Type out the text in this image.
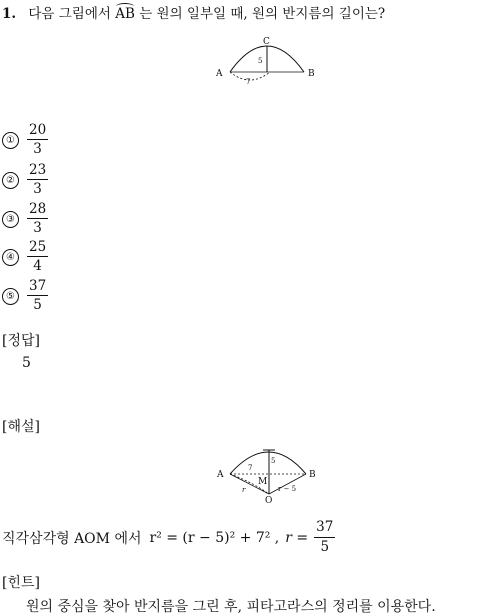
1. 다음 그림에서 AB 는 원의 일부일 때, 원의 반지름의 길이는?
A	B
C
5
7
① $\frac{20}{3}$
② $\frac{23}{3}$
③ $\frac{28}{3}$
④ $\frac{25}{4}$
⑤ $\frac{37}{5}$
[정답]
5
[해설]
A	B
M
O
7
5
r	r − 5
직각삼각형 AOM 에서 r² = (r − 5)² + 7² , $r = \frac{37}{5}$
[힌트]
원의 중심을 찾아 반지름을 그린 후, 피타고라스의 정리를 이용한다.
